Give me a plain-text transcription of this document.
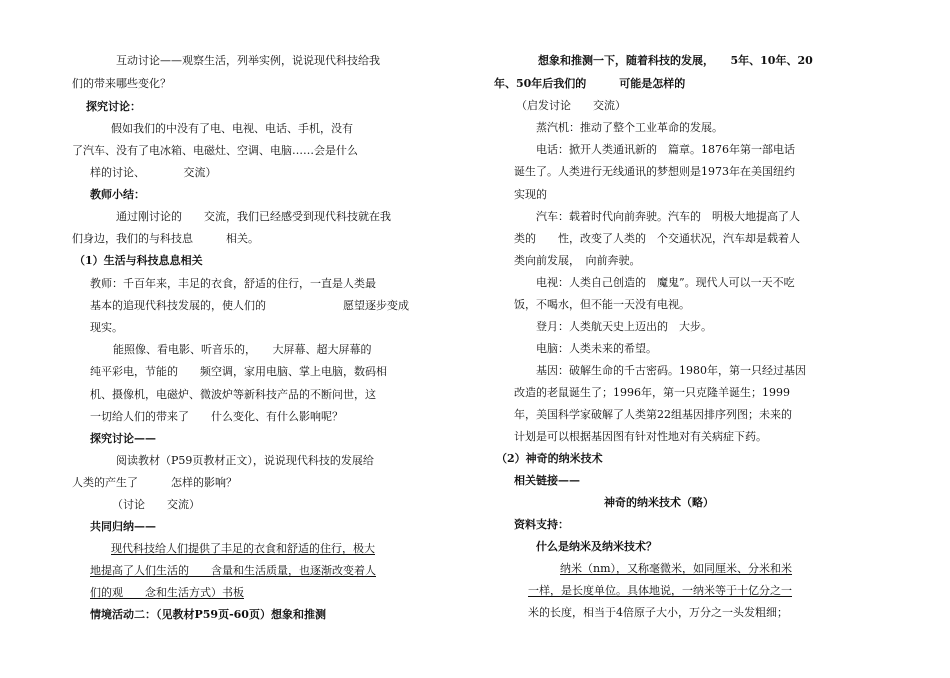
互动讨论——观察生活，列举实例，说说现代科技给我
们的带来哪些变化？
探究讨论：
假如我们的中没有了电、电视、电话、手机，没有
了汽车、没有了电冰箱、电磁灶、空调、电脑……会是什么
样的讨论、　　　　交流）
教师小结：
通过刚讨论的　　交流，我们已经感受到现代科技就在我
们身边，我们的与科技息　　　相关。
（1）生活与科技息息相关
教师：千百年来，丰足的衣食，舒适的住行，一直是人类最
基本的追现代科技发展的，使人们的　　　　　　　愿望逐步变成
现实。
能照像、看电影、听音乐的，　　大屏幕、超大屏幕的
纯平彩电，节能的　　频空调，家用电脑、掌上电脑，数码相
机、摄像机，电磁炉、微波炉等新科技产品的不断问世，这
一切给人们的带来了　　什么变化、有什么影响呢？
探究讨论——
阅读教材（P59页教材正文），说说现代科技的发展给
人类的产生了　　　怎样的影响？
（讨论　　交流）
共同归纳——
现代科技给人们提供了丰足的衣食和舒适的住行，极大
地提高了人们生活的　　含量和生活质量，也逐渐改变着人
们的观　　念和生活方式）书板
情境活动二：（见教材P59页-60页）想象和推测
想象和推测一下，随着科技的发展，　　5年、10年、20
年、50年后我们的　　　可能是怎样的
（启发讨论　　交流）
蒸汽机：推动了整个工业革命的发展。
电话：掀开人类通讯新的　篇章。1876年第一部电话
诞生了。人类进行无线通讯的梦想则是1973年在美国纽约
实现的
汽车：载着时代向前奔驶。汽车的　明极大地提高了人
类的　　性，改变了人类的　个交通状况，汽车却是载着人
类向前发展，　向前奔驶。
电视：人类自己创造的　魔鬼”。现代人可以一天不吃
饭，不喝水，但不能一天没有电视。
登月：人类航天史上迈出的　大步。
电脑：人类未来的希望。
基因：破解生命的千古密码。1980年，第一只经过基因
改造的老鼠诞生了；1996年，第一只克隆羊诞生；1999
年，美国科学家破解了人类第22组基因排序列图；未来的
计划是可以根据基因图有针对性地对有关病症下药。
（2）神奇的纳米技术
相关链接——
神奇的纳米技术（略）
资料支持：
什么是纳米及纳米技术？
纳米（nm），又称毫微米，如同厘米、分米和米
一样，是长度单位。具体地说，一纳米等于十亿分之一
米的长度，相当于4倍原子大小，万分之一头发粗细；
